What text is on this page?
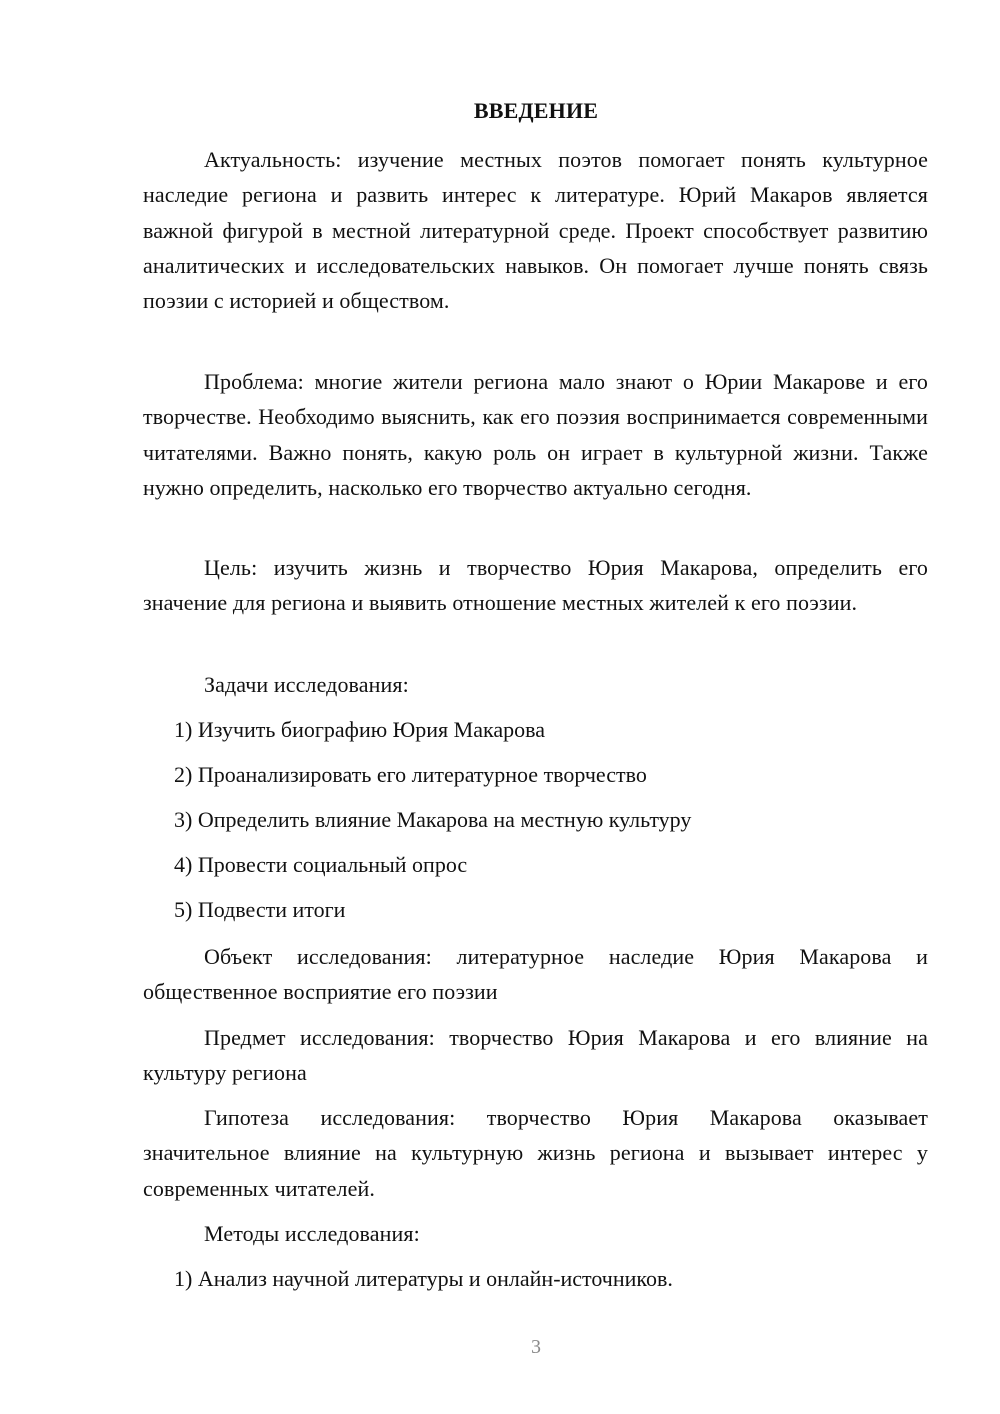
ВВЕДЕНИЕ

Актуальность: изучение местных поэтов помогает понять культурное наследие региона и развить интерес к литературе. Юрий Макаров является важной фигурой в местной литературной среде. Проект способствует развитию аналитических и исследовательских навыков. Он помогает лучше понять связь поэзии с историей и обществом.

Проблема: многие жители региона мало знают о Юрии Макарове и его творчестве. Необходимо выяснить, как его поэзия воспринимается современными читателями. Важно понять, какую роль он играет в культурной жизни. Также нужно определить, насколько его творчество актуально сегодня.

Цель: изучить жизнь и творчество Юрия Макарова, определить его значение для региона и выявить отношение местных жителей к его поэзии.

Задачи исследования:

1) Изучить биографию Юрия Макарова

2) Проанализировать его литературное творчество

3) Определить влияние Макарова на местную культуру

4) Провести социальный опрос

5) Подвести итоги

Объект исследования: литературное наследие Юрия Макарова и общественное восприятие его поэзии

Предмет исследования: творчество Юрия Макарова и его влияние на культуру региона

Гипотеза исследования: творчество Юрия Макарова оказывает значительное влияние на культурную жизнь региона и вызывает интерес у современных читателей.

Методы исследования:

1) Анализ научной литературы и онлайн-источников.

3
